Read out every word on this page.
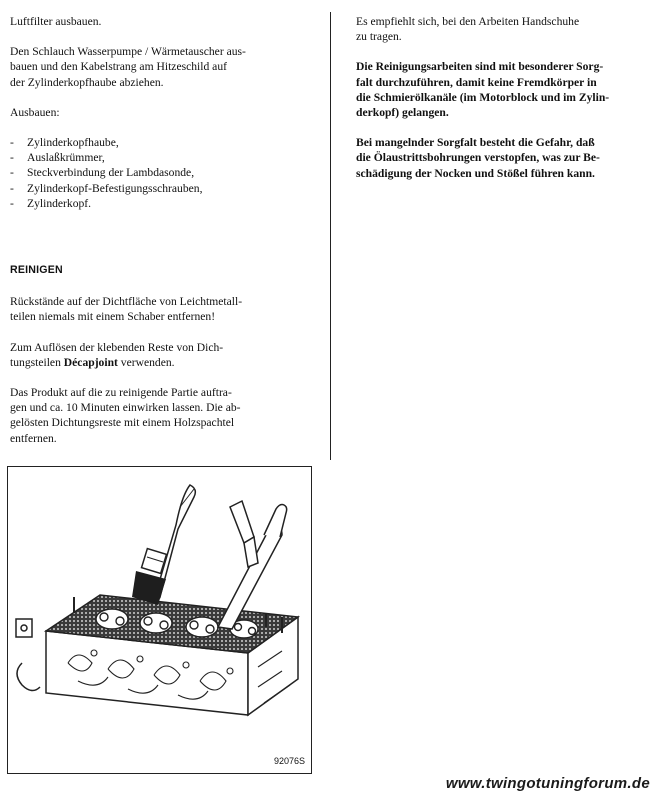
Luftfilter ausbauen.

Den Schlauch Wasserpumpe / Wärmetauscher aus-
bauen und den Kabelstrang am Hitzeschild auf
der Zylinderkopfhaube abziehen.

Ausbauen:

-	Zylinderkopfhaube,
-	Auslaßkrümmer,
-	Steckverbindung der Lambdasonde,
-	Zylinderkopf-Befestigungsschrauben,
-	Zylinderkopf.
REINIGEN

Rückstände auf der Dichtfläche von Leichtmetall-
teilen niemals mit einem Schaber entfernen!

Zum Auflösen der klebenden Reste von Dich-
tungsteilen Décapjoint verwenden.

Das Produkt auf die zu reinigende Partie auftra-
gen und ca. 10 Minuten einwirken lassen. Die ab-
gelösten Dichtungsreste mit einem Holzspachtel
entfernen.

Es empfiehlt sich, bei den Arbeiten Handschuhe
zu tragen.

Die Reinigungsarbeiten sind mit besonderer Sorg-
falt durchzuführen, damit keine Fremdkörper in
die Schmierölkanäle (im Motorblock und im Zylin-
derkopf) gelangen.

Bei mangelnder Sorgfalt besteht die Gefahr, daß
die Ölaustrittsbohrungen verstopfen, was zur Be-
schädigung der Nocken und Stößel führen kann.

92076S
www.twingotuningforum.de
